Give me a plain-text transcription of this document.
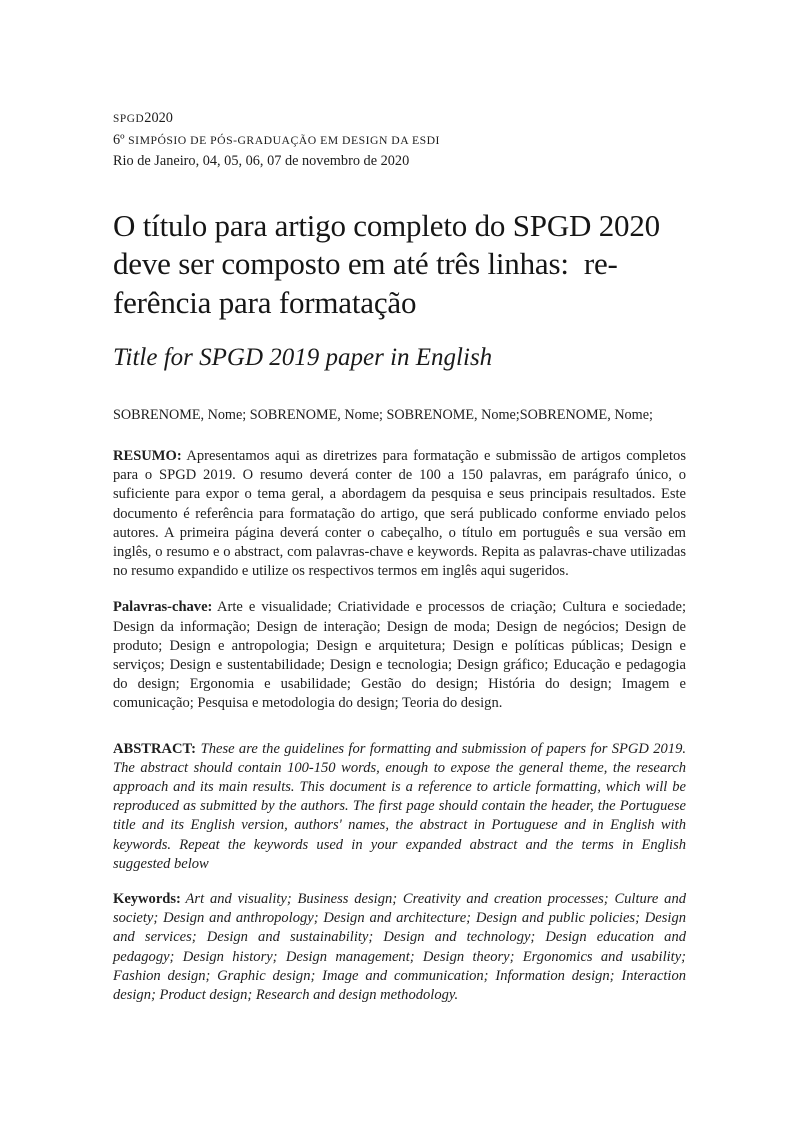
SPGD2020
6º SIMPÓSIO DE PÓS-GRADUAÇÃO EM DESIGN DA ESDI
Rio de Janeiro, 04, 05, 06, 07 de novembro de 2020
O título para artigo completo do SPGD 2020
deve ser composto em até três linhas:  re-
ferência para formatação
Title for SPGD 2019 paper in English
SOBRENOME, Nome; SOBRENOME, Nome; SOBRENOME, Nome;SOBRENOME, Nome;

RESUMO: Apresentamos aqui as diretrizes para formatação e submissão de artigos completos para o SPGD 2019. O resumo deverá conter de 100 a 150 palavras, em parágrafo único, o suficiente para expor o tema geral, a abordagem da pesquisa e seus principais resultados. Este documento é referência para formatação do artigo, que será publicado conforme enviado pelos autores. A primeira página deverá conter o cabeçalho, o título em português e sua versão em inglês, o resumo e o abstract, com palavras-chave e keywords. Repita as palavras-chave utilizadas no resumo expandido e utilize os respectivos termos em inglês aqui sugeridos.

Palavras-chave: Arte e visualidade; Criatividade e processos de criação; Cultura e sociedade; Design da informação; Design de interação; Design de moda; Design de negócios; Design de produto; Design e antropologia; Design e arquitetura; Design e políticas públicas; Design e serviços; Design e sustentabilidade; Design e tecnologia; Design gráfico; Educação e pedagogia do design; Ergonomia e usabilidade; Gestão do design; História do design; Imagem e comunicação; Pesquisa e metodologia do design; Teoria do design.

ABSTRACT: These are the guidelines for formatting and submission of papers for SPGD 2019. The abstract should contain 100-150 words, enough to expose the general theme, the research approach and its main results. This document is a reference to article formatting, which will be reproduced as submitted by the authors. The first page should contain the header, the Portuguese title and its English version, authors' names, the abstract in Portuguese and in English with keywords. Repeat the keywords used in your expanded abstract and the terms in English suggested below

Keywords: Art and visuality; Business design; Creativity and creation processes; Culture and society; Design and anthropology; Design and architecture; Design and public policies; Design and services; Design and sustainability; Design and technology; Design education and pedagogy; Design history; Design management; Design theory; Ergonomics and usability; Fashion design; Graphic design; Image and communication; Information design; Interaction design; Product design; Research and design methodology.
